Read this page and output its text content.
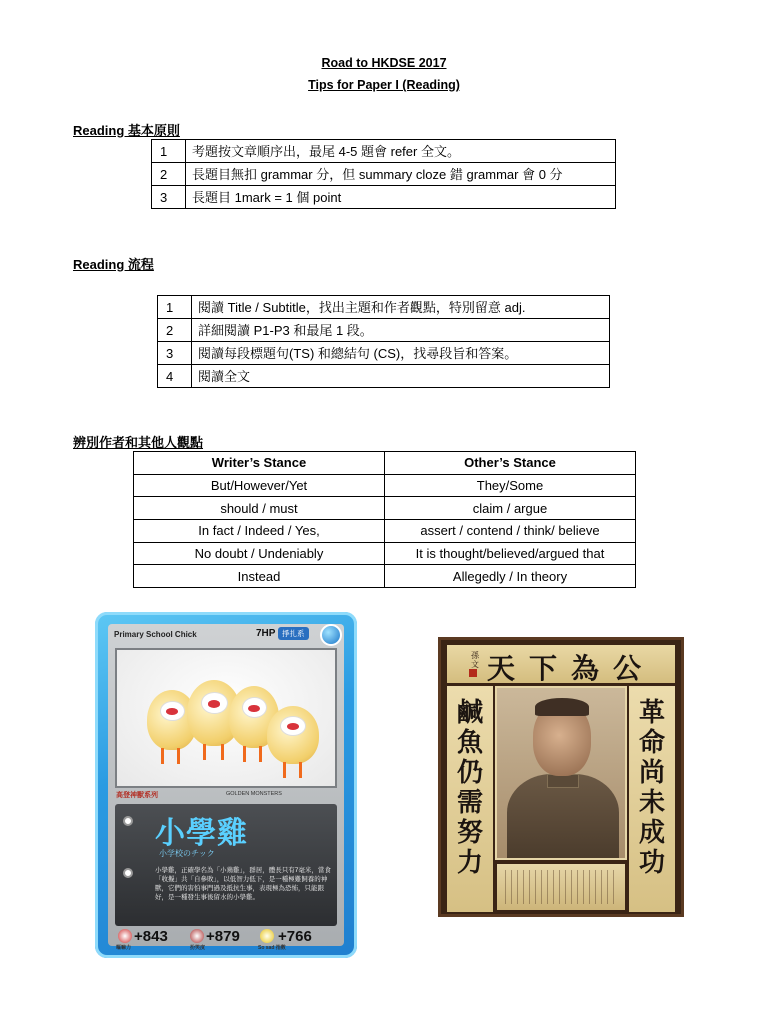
Road to HKDSE 2017
Tips for Paper I (Reading)
Reading 基本原則
1	考題按文章順序出，最尾 4-5 題會 refer 全文。
2	長題目無扣 grammar 分，但 summary cloze 錯 grammar 會 0 分
3	長題目 1mark = 1 個 point
Reading 流程
1	閱讀 Title / Subtitle，找出主題和作者觀點，特別留意 adj.
2	詳細閱讀 P1-P3 和最尾 1 段。
3	閱讀每段標題句(TS) 和總結句 (CS)，找尋段旨和答案。
4	閱讀全文
辨別作者和其他人觀點
Writer’s Stance	Other’s Stance
But/However/Yet	They/Some
should / must	claim / argue
In fact / Indeed / Yes,	assert / contend / think/ believe
No doubt / Undeniably	It is thought/believed/argued that
Instead	Allegedly / In theory
Primary School Chick	7HP 掙扎系
高登神獸系列	GOLDEN MONSTERS
小學雞
小学校のチック
小學雞，正確學名為「小鶏雞」，群居，體長只有7毫米，當食「收擬」共「自參敗」，以低智力低下，是一種極難飼養的神獸，它們的害怕事門過及抵抗生事，表現極為恐怖，只能跟好，是一種發生事後留水的小學雞。
+843
嘔嘛力
+879
扮笑度
+766
So sad 指數
孫文 天下為公
鹹魚仍需努力
革命尚未成功
